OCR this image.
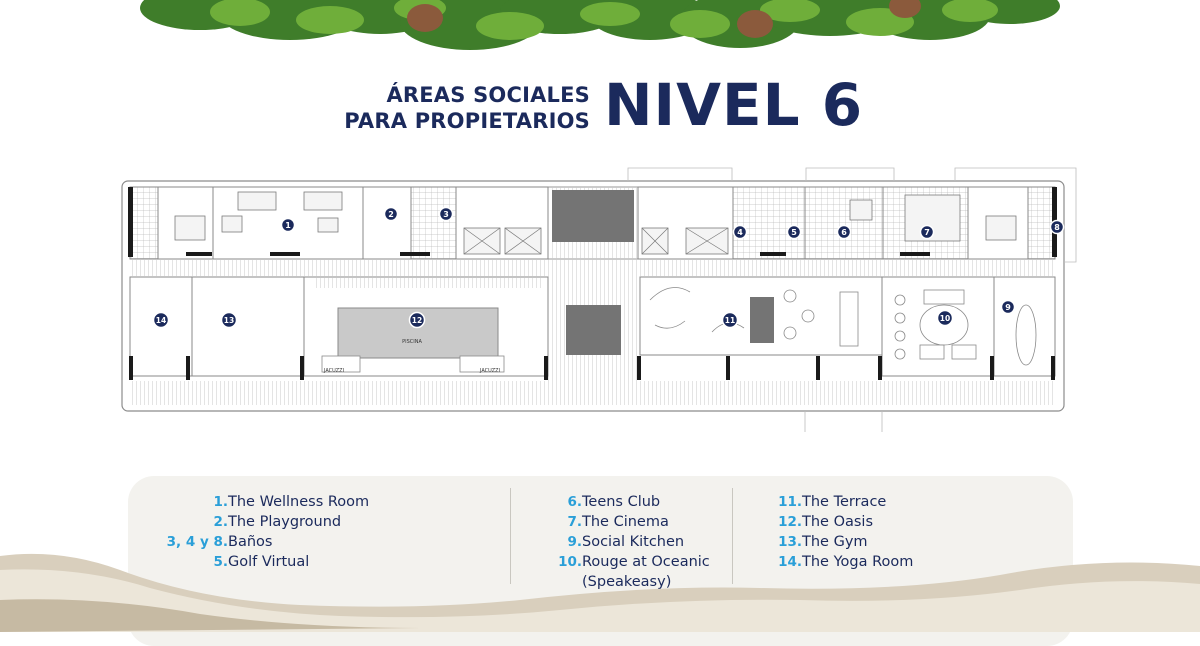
ÁREAS SOCIALES
PARA PROPIETARIOS NIVEL 6
PISCINA
JACUZZI	JACUZZI
1
2	3
4	5	6	7
8
9
10
11
12
13
14
1. The Wellness Room
2. The Playground
3, 4 y 8. Baños
5. Golf Virtual
6. Teens Club
7. The Cinema
9. Social Kitchen
10. Rouge at Oceanic
(Speakeasy)
11. The Terrace
12. The Oasis
13. The Gym
14. The Yoga Room
